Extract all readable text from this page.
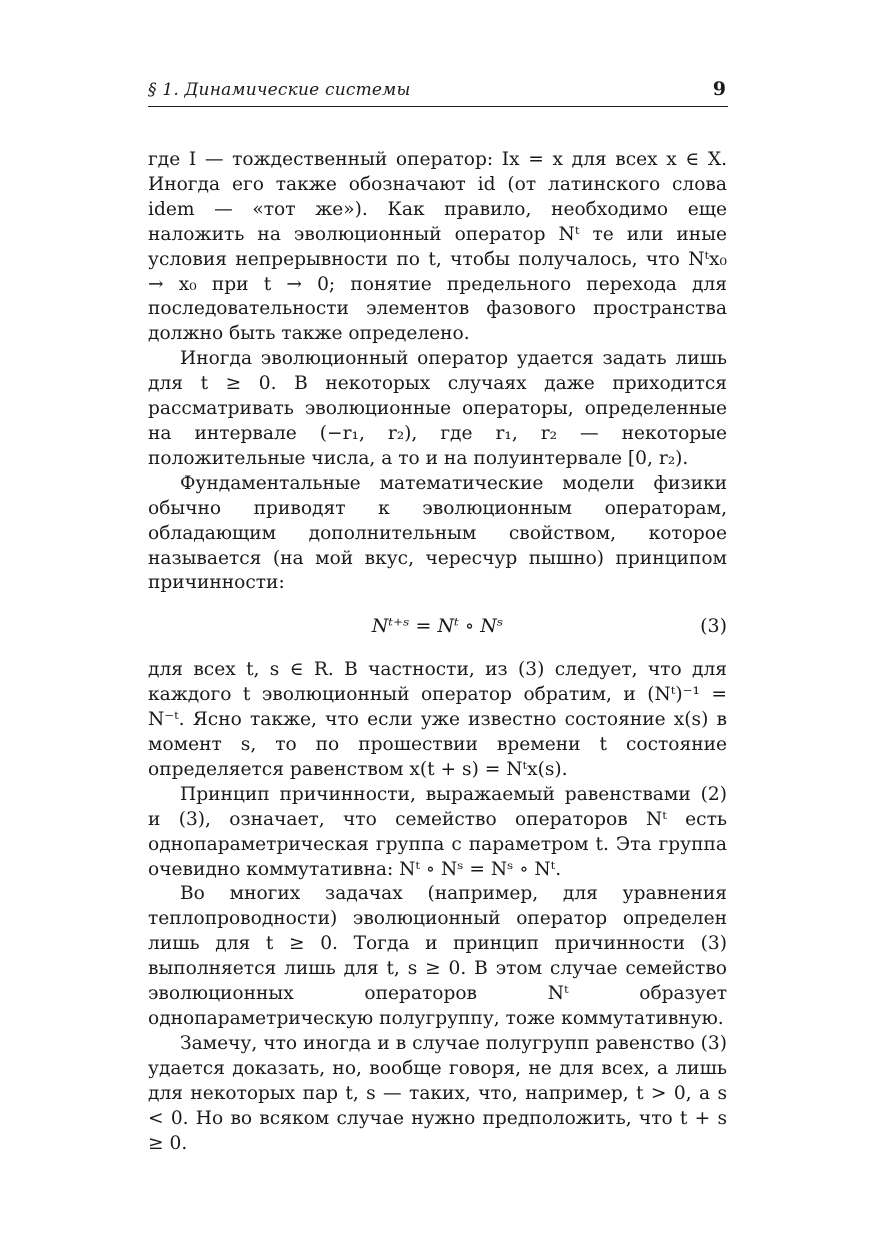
§ 1. Динамические системы	9

где I — тождественный оператор: Ix = x для всех x ∈ X. Иногда его также обозначают id (от латинского слова idem — «тот же»). Как правило, необходимо еще наложить на эволюционный оператор Nᵗ те или иные условия непрерывности по t, чтобы получалось, что Nᵗx₀ → x₀ при t → 0; понятие предельного перехода для последовательности элементов фазового пространства должно быть также определено.

Иногда эволюционный оператор удается задать лишь для t ≥ 0. В некоторых случаях даже приходится рассматривать эволюционные операторы, определенные на интервале (−r₁, r₂), где r₁, r₂ — некоторые положительные числа, а то и на полуинтервале [0, r₂).

Фундаментальные математические модели физики обычно приводят к эволюционным операторам, обладающим дополнительным свойством, которое называется (на мой вкус, чересчур пышно) принципом причинности:

Nᵗ⁺ˢ = Nᵗ ∘ Nˢ	(3)

для всех t, s ∈ R. В частности, из (3) следует, что для каждого t эволюционный оператор обратим, и (Nᵗ)⁻¹ = N⁻ᵗ. Ясно также, что если уже известно состояние x(s) в момент s, то по прошествии времени t состояние определяется равенством x(t + s) = Nᵗx(s).

Принцип причинности, выражаемый равенствами (2) и (3), означает, что семейство операторов Nᵗ есть однопараметрическая группа с параметром t. Эта группа очевидно коммутативна: Nᵗ ∘ Nˢ = Nˢ ∘ Nᵗ.

Во многих задачах (например, для уравнения теплопроводности) эволюционный оператор определен лишь для t ≥ 0. Тогда и принцип причинности (3) выполняется лишь для t, s ≥ 0. В этом случае семейство эволюционных операторов Nᵗ образует однопараметрическую полугруппу, тоже коммутативную.

Замечу, что иногда и в случае полугрупп равенство (3) удается доказать, но, вообще говоря, не для всех, а лишь для некоторых пар t, s — таких, что, например, t > 0, а s < 0. Но во всяком случае нужно предположить, что t + s ≥ 0.
